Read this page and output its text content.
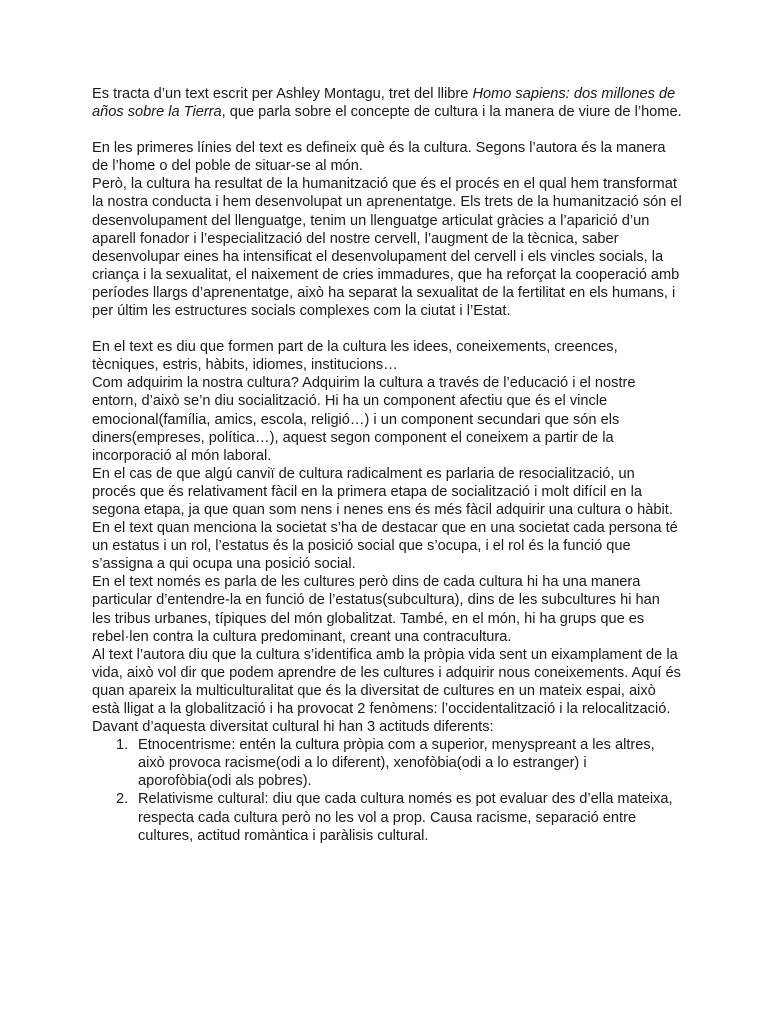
Es tracta d’un text escrit per Ashley Montagu, tret del llibre Homo sapiens: dos millones de años sobre la Tierra, que parla sobre el concepte de cultura i la manera de viure de l’home.

En les primeres línies del text es defineix què és la cultura. Segons l’autora és la manera de l’home o del poble de situar-se al món.

Però, la cultura ha resultat de la humanització que és el procés en el qual hem transformat la nostra conducta i hem desenvolupat un aprenentatge. Els trets de la humanització són el desenvolupament del llenguatge, tenim un llenguatge articulat gràcies a l’aparició d’un aparell fonador i l’especialització del nostre cervell, l’augment de la tècnica, saber desenvolupar eines ha intensificat el desenvolupament del cervell i els vincles socials, la criança i la sexualitat, el naixement de cries immadures, que ha reforçat la cooperació amb períodes llargs d’aprenentatge, això ha separat la sexualitat de la fertilitat en els humans, i per últim les estructures socials complexes com la ciutat i l’Estat.

En el text es diu que formen part de la cultura les idees, coneixements, creences, tècniques, estris, hàbits, idiomes, institucions…

Com adquirim la nostra cultura? Adquirim la cultura a través de l’educació i el nostre entorn, d’això se’n diu socialització. Hi ha un component afectiu que és el vincle emocional(família, amics, escola, religió…) i un component secundari que són els diners(empreses, política…), aquest segon component el coneixem a partir de la incorporació al món laboral.

En el cas de que algú canviï de cultura radicalment es parlaria de resocialització, un procés que és relativament fàcil en la primera etapa de socialització i molt difícil en la segona etapa, ja que quan som nens i nenes ens és més fàcil adquirir una cultura o hàbit.

En el text quan menciona la societat s’ha de destacar que en una societat cada persona té un estatus i un rol, l’estatus és la posició social que s’ocupa, i el rol és la funció que s’assigna a qui ocupa una posició social.

En el text només es parla de les cultures però dins de cada cultura hi ha una manera particular d’entendre-la en funció de l’estatus(subcultura), dins de les subcultures hi han les tribus urbanes, típiques del món globalitzat. També, en el món, hi ha grups que es rebel·len contra la cultura predominant, creant una contracultura.

Al text l’autora diu que la cultura s’identifica amb la pròpia vida sent un eixamplament de la vida, això vol dir que podem aprendre de les cultures i adquirir nous coneixements. Aquí és quan apareix la multiculturalitat que és la diversitat de cultures en un mateix espai, això està lligat a la globalització i ha provocat 2 fenòmens: l’occidentalització i la relocalització.

Davant d’aquesta diversitat cultural hi han 3 actituds diferents:

1. Etnocentrisme: entén la cultura pròpia com a superior, menyspreant a les altres, això provoca racisme(odi a lo diferent), xenofòbia(odi a lo estranger) i aporofòbia(odi als pobres).
2. Relativisme cultural: diu que cada cultura només es pot evaluar des d’ella mateixa, respecta cada cultura però no les vol a prop. Causa racisme, separació entre cultures, actitud romàntica i paràlisis cultural.
